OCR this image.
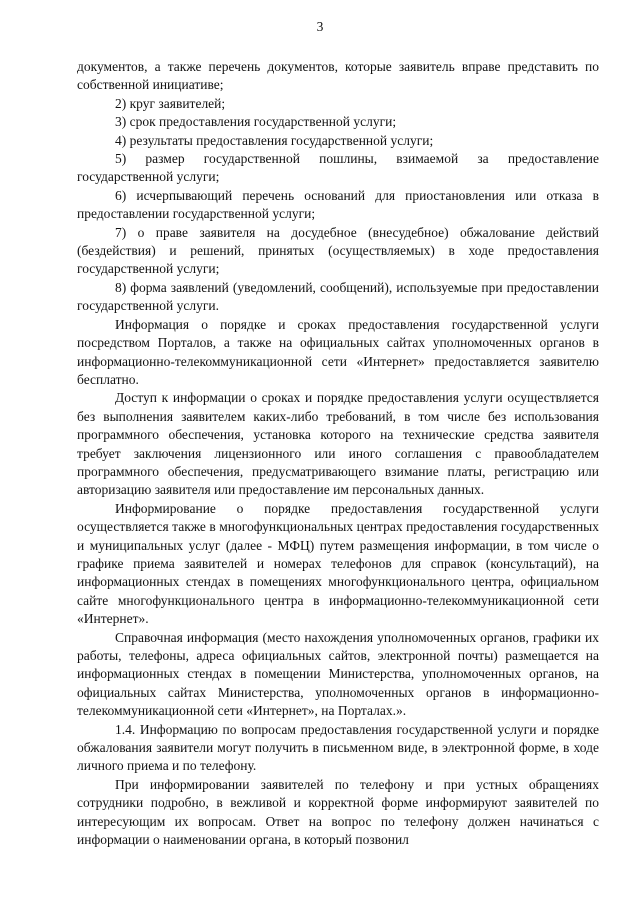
3

документов, а также перечень документов, которые заявитель вправе представить по собственной инициативе;

2) круг заявителей;

3) срок предоставления государственной услуги;

4) результаты предоставления государственной услуги;

5) размер государственной пошлины, взимаемой за предоставление государственной услуги;

6) исчерпывающий перечень оснований для приостановления или отказа в предоставлении государственной услуги;

7) о праве заявителя на досудебное (внесудебное) обжалование действий (бездействия) и решений, принятых (осуществляемых) в ходе предоставления государственной услуги;

8) форма заявлений (уведомлений, сообщений), используемые при предоставлении государственной услуги.

Информация о порядке и сроках предоставления государственной услуги посредством Порталов, а также на официальных сайтах уполномоченных органов в информационно-телекоммуникационной сети «Интернет» предоставляется заявителю бесплатно.

Доступ к информации о сроках и порядке предоставления услуги осуществляется без выполнения заявителем каких-либо требований, в том числе без использования программного обеспечения, установка которого на технические средства заявителя требует заключения лицензионного или иного соглашения с правообладателем программного обеспечения, предусматривающего взимание платы, регистрацию или авторизацию заявителя или предоставление им персональных данных.

Информирование о порядке предоставления государственной услуги осуществляется также в многофункциональных центрах предоставления государственных и муниципальных услуг (далее - МФЦ) путем размещения информации, в том числе о графике приема заявителей и номерах телефонов для справок (консультаций), на информационных стендах в помещениях многофункционального центра, официальном сайте многофункционального центра в информационно-телекоммуникационной сети «Интернет».

Справочная информация (место нахождения уполномоченных органов, графики их работы, телефоны, адреса официальных сайтов, электронной почты) размещается на информационных стендах в помещении Министерства, уполномоченных органов, на официальных сайтах Министерства, уполномоченных органов в информационно-телекоммуникационной сети «Интернет», на Порталах.».

1.4. Информацию по вопросам предоставления государственной услуги и порядке обжалования заявители могут получить в письменном виде, в электронной форме, в ходе личного приема и по телефону.

При информировании заявителей по телефону и при устных обращениях сотрудники подробно, в вежливой и корректной форме информируют заявителей по интересующим их вопросам. Ответ на вопрос по телефону должен начинаться с информации о наименовании органа, в который позвонил
